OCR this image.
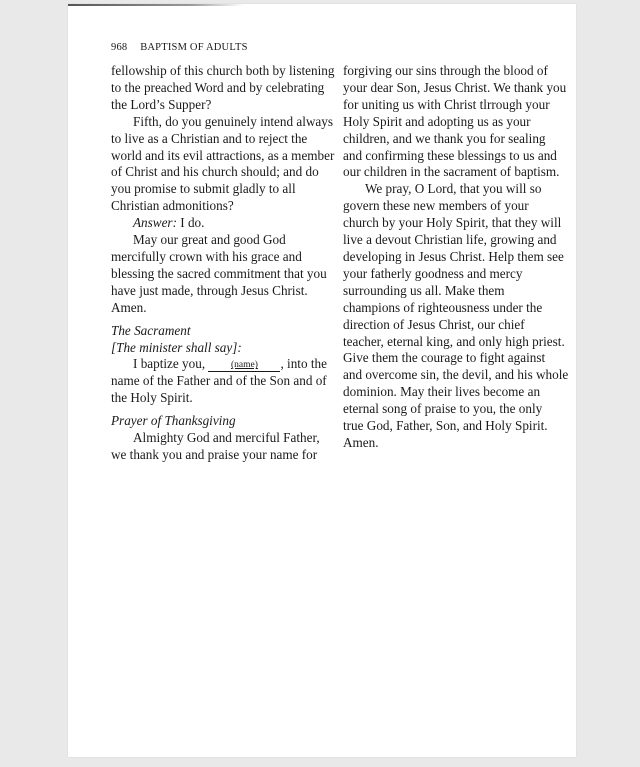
968 BAPTISM OF ADULTS
fellowship of this church both by listening
to the preached Word and by celebrating
the Lord’s Supper?
Fifth, do you genuinely intend always
to live as a Christian and to reject the
world and its evil attractions, as a member
of Christ and his church should; and do
you promise to submit gladly to all
Christian admonitions?
Answer: I do.
May our great and good God
mercifully crown with his grace and
blessing the sacred commitment that you
have just made, through Jesus Christ.
Amen.
The Sacrament
[The minister shall say]:
I baptize you, (name) , into the
name of the Father and of the Son and of
the Holy Spirit.
Prayer of Thanksgiving
Almighty God and merciful Father,
we thank you and praise your name for
forgiving our sins through the blood of
your dear Son, Jesus Christ. We thank you
for uniting us with Christ tlrrough your
Holy Spirit and adopting us as your
children, and we thank you for sealing
and confirming these blessings to us and
our children in the sacrament of baptism.
We pray, O Lord, that you will so
govern these new members of your
church by your Holy Spirit, that they will
live a devout Christian life, growing and
developing in Jesus Christ. Help them see
your fatherly goodness and mercy
surrounding us all. Make them
champions of righteousness under the
direction of Jesus Christ, our chief
teacher, eternal king, and only high priest.
Give them the courage to fight against
and overcome sin, the devil, and his whole
dominion. May their lives become an
eternal song of praise to you, the only
true God, Father, Son, and Holy Spirit.
Amen.
